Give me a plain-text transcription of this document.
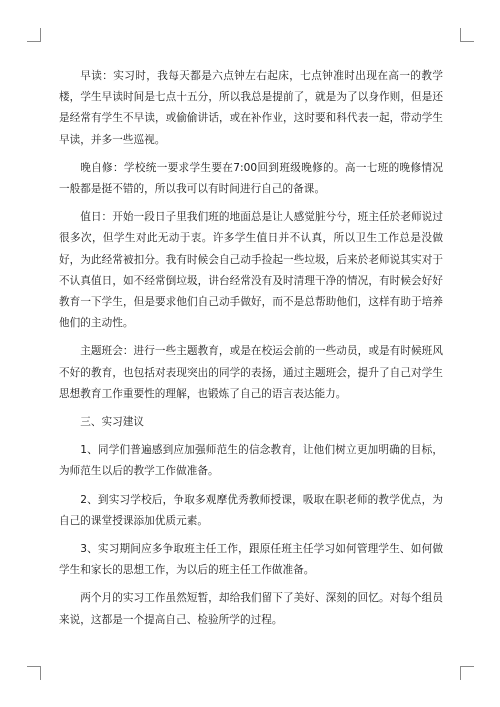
早读：实习时，我每天都是六点钟左右起床，七点钟准时出现在高一的教学楼，学生早读时间是七点十五分，所以我总是提前了，就是为了以身作则，但是还是经常有学生不早读，或偷偷讲话，或在补作业，这时要和科代表一起，带动学生早读，并多一些巡视。

晚自修：学校统一要求学生要在7:00回到班级晚修的。高一七班的晚修情况一般都是挺不错的，所以我可以有时间进行自己的备课。

值日：开始一段日子里我们班的地面总是让人感觉脏兮兮，班主任於老师说过很多次，但学生对此无动于衷。许多学生值日并不认真，所以卫生工作总是没做好，为此经常被扣分。我有时候会自己动手捡起一些垃圾，后来於老师说其实对于不认真值日，如不经常倒垃圾，讲台经常没有及时清理干净的情况，有时候会好好教育一下学生，但是要求他们自己动手做好，而不是总帮助他们，这样有助于培养他们的主动性。

主题班会：进行一些主题教育，或是在校运会前的一些动员，或是有时候班风不好的教育，也包括对表现突出的同学的表扬，通过主题班会，提升了自己对学生思想教育工作重要性的理解，也锻炼了自己的语言表达能力。

三、实习建议

1、同学们普遍感到应加强师范生的信念教育，让他们树立更加明确的目标，为师范生以后的教学工作做准备。

2、到实习学校后，争取多观摩优秀教师授课，吸取在职老师的教学优点，为自己的课堂授课添加优质元素。

3、实习期间应多争取班主任工作，跟原任班主任学习如何管理学生、如何做学生和家长的思想工作，为以后的班主任工作做准备。

两个月的实习工作虽然短暂，却给我们留下了美好、深刻的回忆。对每个组员来说，这都是一个提高自己、检验所学的过程。
